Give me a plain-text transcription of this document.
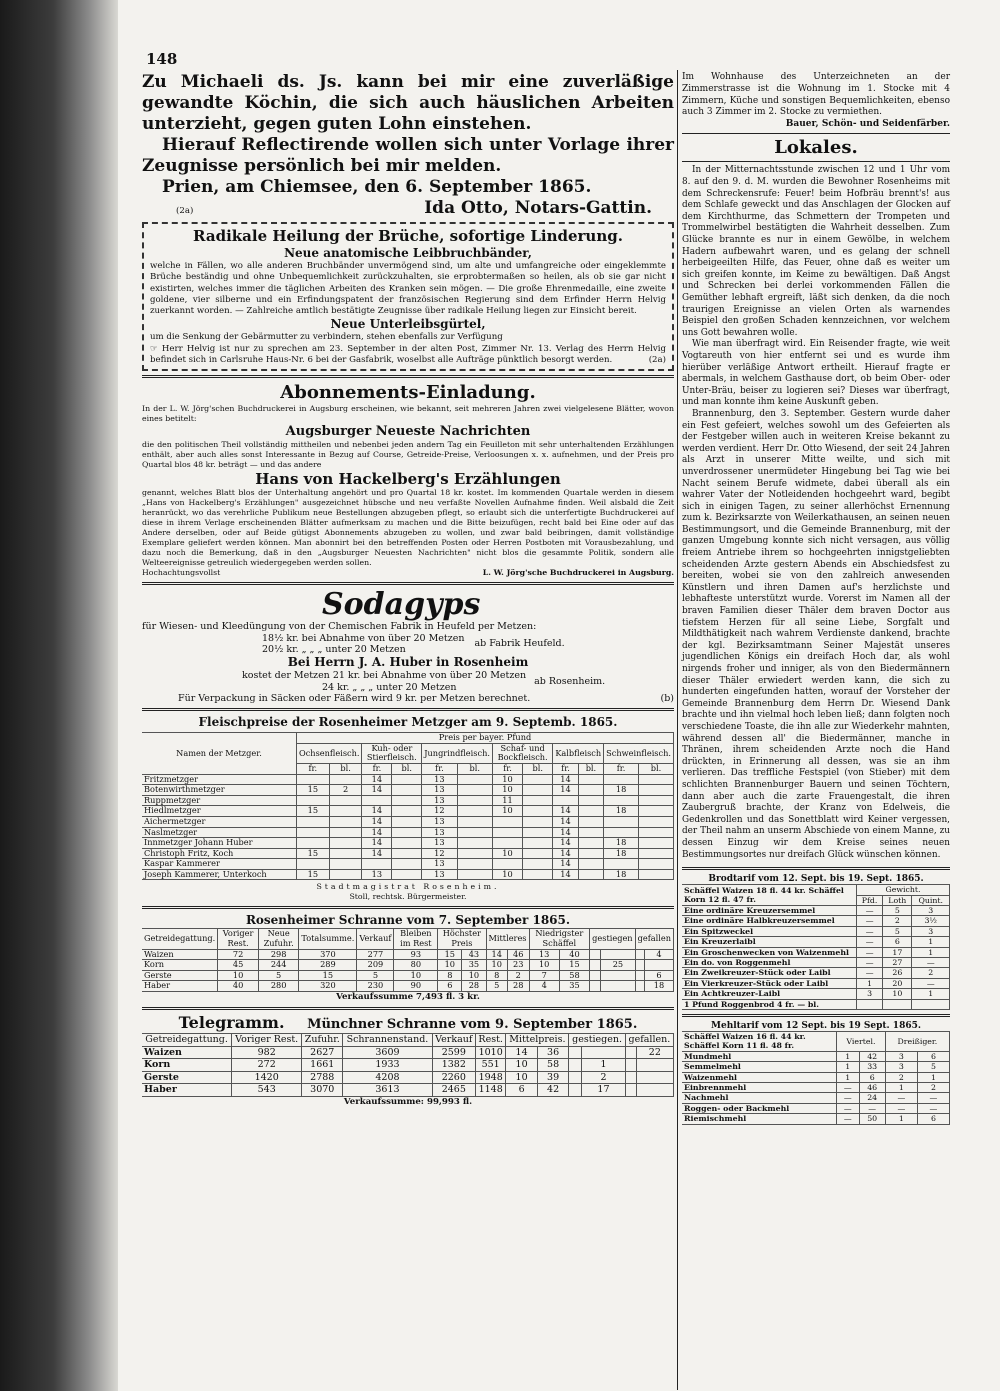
148
Zu Michaeli ds. Js. kann bei mir eine zuverläßige gewandte Köchin, die sich auch häuslichen Arbeiten unterzieht, gegen guten Lohn einstehen.
Hierauf Reflectirende wollen sich unter Vorlage ihrer Zeugnisse persönlich bei mir melden.
Prien, am Chiemsee, den 6. September 1865.
(2a)	Ida Otto, Notars-Gattin.
Radikale Heilung der Brüche, sofortige Linderung.
Neue anatomische Leibbruchbänder,
welche in Fällen, wo alle anderen Bruchbänder unvermögend sind, um alte und umfangreiche oder eingeklemmte Brüche beständig und ohne Unbequemlichkeit zurückzuhalten, sie erprobtermaßen so heilen, als ob sie gar nicht existirten, welches immer die täglichen Arbeiten des Kranken sein mögen. — Die große Ehrenmedaille, eine zweite goldene, vier silberne und ein Erfindungspatent der französischen Regierung sind dem Erfinder Herrn Helvig zuerkannt worden. — Zahlreiche amtlich bestätigte Zeugnisse über radikale Heilung liegen zur Einsicht bereit.
Neue Unterleibsgürtel,
um die Senkung der Gebärmutter zu verbindern, stehen ebenfalls zur Verfügung
☞ Herr Helvig ist nur zu sprechen am 23. September in der alten Post, Zimmer Nr. 13. Verlag des Herrn Helvig befindet sich in Carlsruhe Haus-Nr. 6 bei der Gasfabrik, woselbst alle Aufträge pünktlich besorgt werden.	(2a)
Abonnements-Einladung.
In der L. W. Jörg'schen Buchdruckerei in Augsburg erscheinen, wie bekannt, seit mehreren Jahren zwei vielgelesene Blätter, wovon eines betitelt:
Augsburger Neueste Nachrichten
die den politischen Theil vollständig mittheilen und nebenbei jeden andern Tag ein Feuilleton mit sehr unterhaltenden Erzählungen enthält, aber auch alles sonst Interessante in Bezug auf Course, Getreide-Preise, Verloosungen x. x. aufnehmen, und der Preis pro Quartal blos 48 kr. beträgt — und das andere
Hans von Hackelberg's Erzählungen
genannt, welches Blatt blos der Unterhaltung angehört und pro Quartal 18 kr. kostet. Im kommenden Quartale werden in diesem „Hans von Hackelberg's Erzählungen" ausgezeichnet hübsche und neu verfaßte Novellen Aufnahme finden. Weil alsbald die Zeit heranrückt, wo das verehrliche Publikum neue Bestellungen abzugeben pflegt, so erlaubt sich die unterfertigte Buchdruckerei auf diese in ihrem Verlage erscheinenden Blätter aufmerksam zu machen und die Bitte beizufügen, recht bald bei Eine oder auf das Andere derselben, oder auf Beide gütigst Abonnements abzugeben zu wollen, und zwar bald beibringen, damit vollständige Exemplare geliefert werden können. Man abonnirt bei den betreffenden Posten oder Herren Postboten mit Vorausbezahlung, und dazu noch die Bemerkung, daß in den „Augsburger Neuesten Nachrichten" nicht blos die gesammte Politik, sondern alle Welteereignisse getreulich wiedergegeben werden sollen.
Hochachtungsvollst	L. W. Jörg'sche Buchdruckerei in Augsburg.
Sodagyps
für Wiesen- und Kleedüngung von der Chemischen Fabrik in Heufeld per Metzen:
18½ kr. bei Abnahme von über 20 Metzen
20½ kr. „ „ „ unter 20 Metzen
ab Fabrik Heufeld.
Bei Herrn J. A. Huber in Rosenheim
kostet der Metzen 21 kr. bei Abnahme von über 20 Metzen
24 kr. „ „ „ unter 20 Metzen
ab Rosenheim.
Für Verpackung in Säcken oder Fäßern wird 9 kr. per Metzen berechnet.	(b)
Fleischpreise der Rosenheimer Metzger am 9. Septemb. 1865.
Namen der Metzger.	Preis per bayer. Pfund											
	Ochsenfleisch.		Kuh- oder Stierfleisch.		Jungrindfleisch.		Schaf- und Bockfleisch.		Kalbfleisch		Schweinfleisch.	
	fr.	bl.	fr.	bl.	fr.	bl.	fr.	bl.	fr.	bl.	fr.	bl.
Fritzmetzger			14		13		10		14			
Botenwirthmetzger	15	2	14		13		10		14		18	
Ruppmetzger					13		11					
Hiedlmetzger	15		14		12		10		14		18	
Aichermetzger			14		13				14			
Naslmetzger			14		13				14			
Innmetzger Johann Huber			14		13				14		18	
Christoph Fritz, Koch	15		14		12		10		14		18	
Kaspar Kammerer					13				14			
Joseph Kammerer, Unterkoch	15		13		13		10		14		18	
Stadtmagistrat Rosenheim.
Stoll, rechtsk. Bürgermeister.
Rosenheimer Schranne vom 7. September 1865.
Getreidegattung.	Voriger Rest.	Neue Zufuhr.	Totalsumme.	Verkauf	Bleiben im Rest	Höchster Preis		Mittleres		Niedrigster Schäffel		gestiegen		gefallen	
Waizen	72	298	370	277	93	15	43	14	46	13	40				4
Korn	45	244	289	209	80	10	35	10	23	10	15		25		
Gerste	10	5	15	5	10	8	10	8	2	7	58				6
Haber	40	280	320	230	90	6	28	5	28	4	35				18
Verkaufssumme 7,493 fl. 3 kr.
Telegramm. Münchner Schranne vom 9. September 1865.
Getreidegattung.	Voriger Rest.	Zufuhr.	Schrannenstand.	Verkauf	Rest.	Mittelpreis.		gestiegen.		gefallen.	
Waizen	982	2627	3609	2599	1010	14	36				22
Korn	272	1661	1933	1382	551	10	58		1		
Gerste	1420	2788	4208	2260	1948	10	39		2		
Haber	543	3070	3613	2465	1148	6	42		17		
Verkaufssumme: 99,993 fl.
Im Wohnhause des Unterzeichneten an der Zimmerstrasse ist die Wohnung im 1. Stocke mit 4 Zimmern, Küche und sonstigen Bequemlichkeiten, ebenso auch 3 Zimmer im 2. Stocke zu vermiethen.
Bauer, Schön- und Seidenfärber.
Lokales.
In der Mitternachtsstunde zwischen 12 und 1 Uhr vom 8. auf den 9. d. M. wurden die Bewohner Rosenheims mit dem Schreckensrufe: Feuer! beim Hofbräu brennt's! aus dem Schlafe geweckt und das Anschlagen der Glocken auf dem Kirchthurme, das Schmettern der Trompeten und Trommelwirbel bestätigten die Wahrheit desselben. Zum Glücke brannte es nur in einem Gewölbe, in welchem Hadern aufbewahrt waren, und es gelang der schnell herbeigeeilten Hilfe, das Feuer, ohne daß es weiter um sich greifen konnte, im Keime zu bewältigen. Daß Angst und Schrecken bei derlei vorkommenden Fällen die Gemüther lebhaft ergreift, läßt sich denken, da die noch traurigen Ereignisse an vielen Orten als warnendes Beispiel den großen Schaden kennzeichnen, vor welchem uns Gott bewahren wolle.
Wie man überfragt wird. Ein Reisender fragte, wie weit Vogtareuth von hier entfernt sei und es wurde ihm hierüber verläßige Antwort ertheilt. Hierauf fragte er abermals, in welchem Gasthause dort, ob beim Ober- oder Unter-Bräu, beiser zu logieren sei? Dieses war überfragt, und man konnte ihm keine Auskunft geben.
Brannenburg, den 3. September. Gestern wurde daher ein Fest gefeiert, welches sowohl um des Gefeierten als der Festgeber willen auch in weiteren Kreise bekannt zu werden verdient. Herr Dr. Otto Wiesend, der seit 24 Jahren als Arzt in unserer Mitte weilte, und sich mit unverdrossener unermüdeter Hingebung bei Tag wie bei Nacht seinem Berufe widmete, dabei überall als ein wahrer Vater der Notleidenden hochgeehrt ward, begibt sich in einigen Tagen, zu seiner allerhöchst Ernennung zum k. Bezirksarzte von Weilerkathausen, an seinen neuen Bestimmungsort, und die Gemeinde Brannenburg, mit der ganzen Umgebung konnte sich nicht versagen, aus völlig freiem Antriebe ihrem so hochgeehrten innigstgeliebten scheidenden Arzte gestern Abends ein Abschiedsfest zu bereiten, wobei sie von den zahlreich anwesenden Künstlern und ihren Damen auf's herzlichste und lebhafteste unterstützt wurde. Vorerst im Namen all der braven Familien dieser Thäler dem braven Doctor aus tiefstem Herzen für all seine Liebe, Sorgfalt und Mildthätigkeit nach wahrem Verdienste dankend, brachte der kgl. Bezirksamtmann Seiner Majestät unseres jugendlichen Königs ein dreifach Hoch dar, als wohl nirgends froher und inniger, als von den Biedermännern dieser Thäler erwiedert werden kann, die sich zu hunderten eingefunden hatten, worauf der Vorsteher der Gemeinde Brannenburg dem Herrn Dr. Wiesend Dank brachte und ihn vielmal hoch leben ließ; dann folgten noch verschiedene Toaste, die ihn alle zur Wiederkehr mahnten, während dessen all' die Biedermänner, manche in Thränen, ihrem scheidenden Arzte noch die Hand drückten, in Erinnerung all dessen, was sie an ihm verlieren. Das treffliche Festspiel (von Stieber) mit dem schlichten Brannenburger Bauern und seinen Töchtern, dann aber auch die zarte Frauengestalt, die ihren Zaubergruß brachte, der Kranz von Edelweis, die Gedenkrollen und das Sonettblatt wird Keiner vergessen, der Theil nahm an unserm Abschiede von einem Manne, zu dessen Einzug wir dem Kreise seines neuen Bestimmungsortes nur dreifach Glück wünschen können.
Brodtarif vom 12. Sept. bis 19. Sept. 1865.
Schäffel Waizen 18 fl. 44 kr. Schäffel Korn 12 fl. 47 fr.	Gewicht.		
	Pfd.	Loth	Quint.
Eine ordinäre Kreuzersemmel	—	5	3
Eine ordinäre Halbkreuzersemmel	—	2	3½
Ein Spitzweckel	—	5	3
Ein Kreuzerlaibl	—	6	1
Ein Groschenwecken von Waizenmehl	—	17	1
Ein do. von Roggenmehl	—	27	—
Ein Zweikreuzer-Stück oder Laibl	—	26	2
Ein Vierkreuzer-Stück oder Laibl	1	20	—
Ein Achtkreuzer-Laibl	3	10	1
1 Pfund Roggenbrod 4 fr. — bl.			
Mehltarif vom 12 Sept. bis 19 Sept. 1865.
Schäffel Waizen 16 fl. 44 kr. Schäffel Korn 11 fl. 48 fr.	Viertel.		Dreißiger.	
Mundmehl	1	42	3	6
Semmelmehl	1	33	3	5
Waizenmehl	1	6	2	1
Einbrennmehl	—	46	1	2
Nachmehl	—	24	—	—
Roggen- oder Backmehl	—	—	—	—
Riemischmehl	—	50	1	6
